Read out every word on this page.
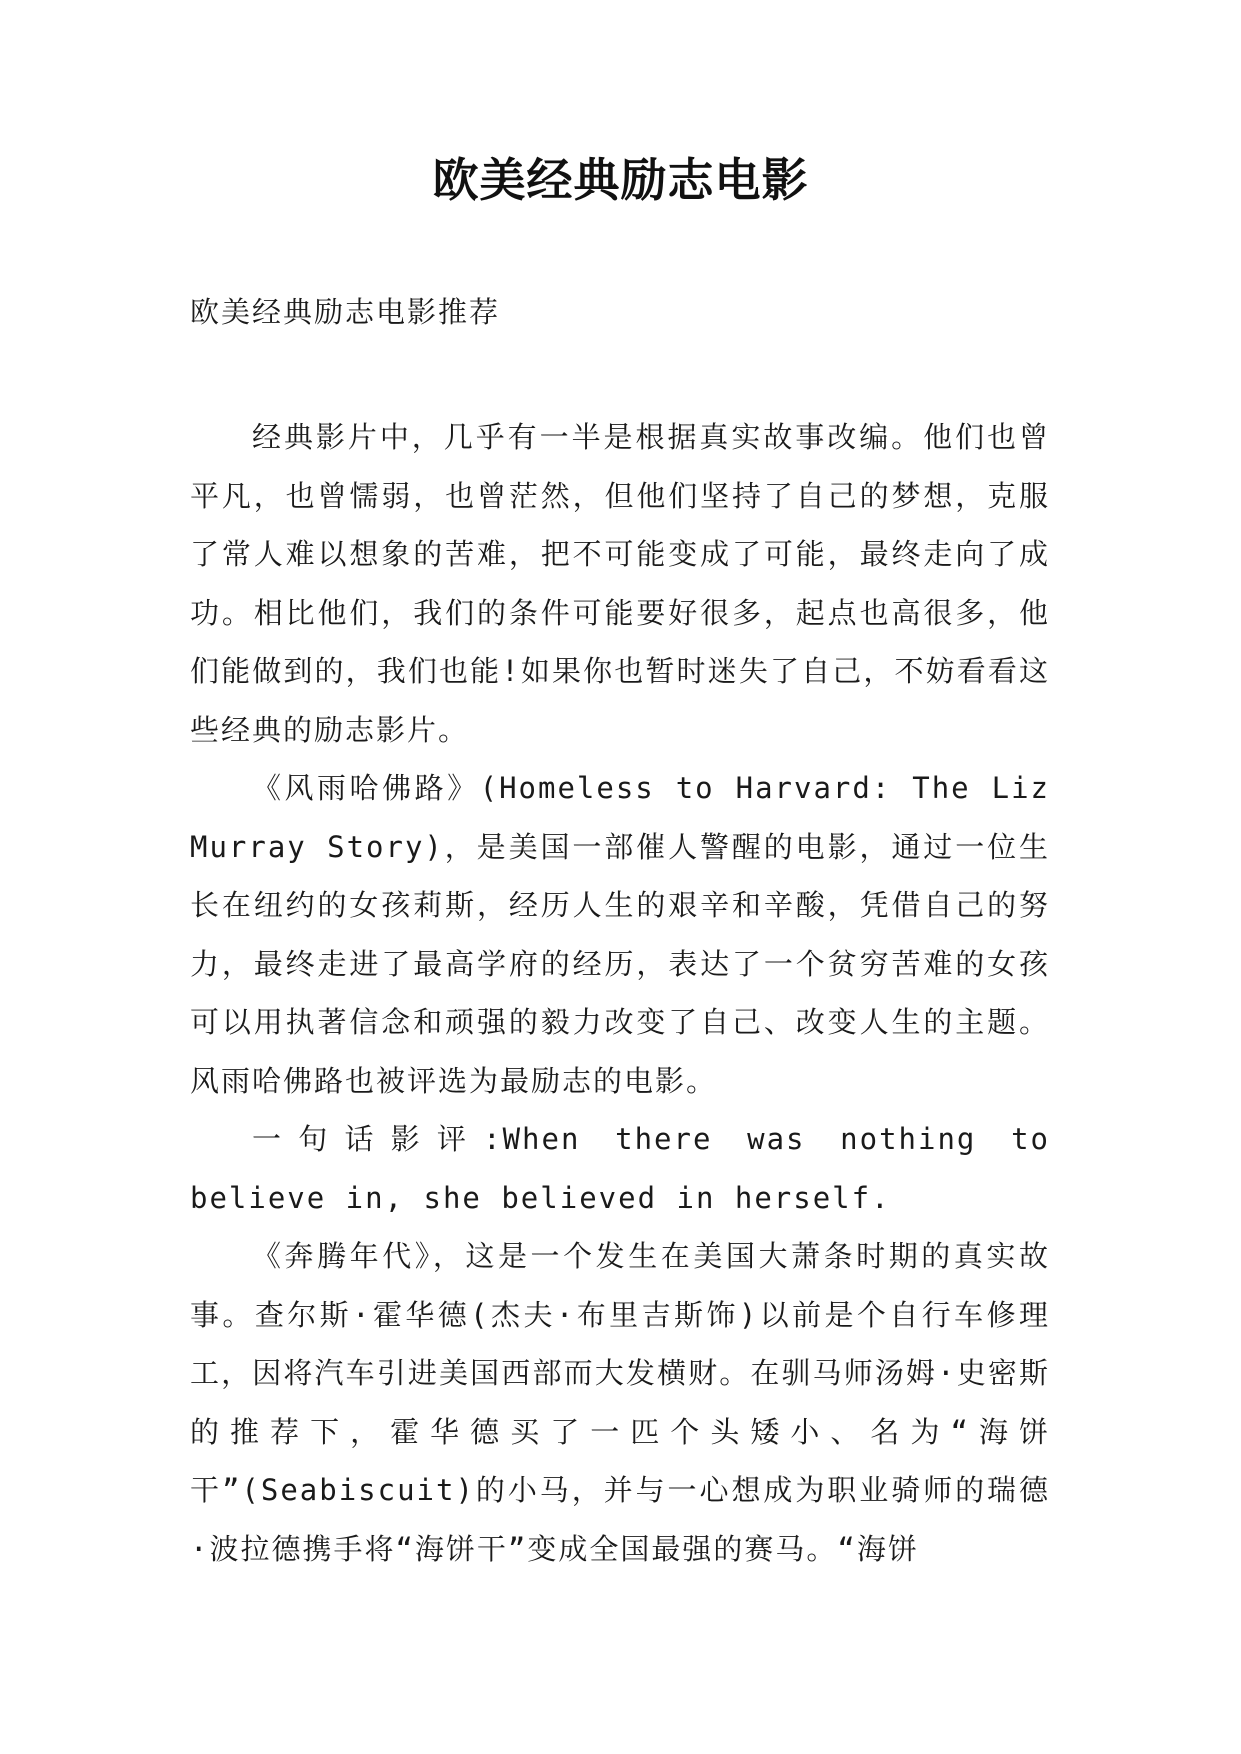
欧美经典励志电影
欧美经典励志电影推荐

经典影片中，几乎有一半是根据真实故事改编。他们也曾平凡，也曾懦弱，也曾茫然，但他们坚持了自己的梦想，克服了常人难以想象的苦难，把不可能变成了可能，最终走向了成功。相比他们，我们的条件可能要好很多，起点也高很多，他们能做到的，我们也能!如果你也暂时迷失了自己，不妨看看这些经典的励志影片。

《风雨哈佛路》(Homeless to Harvard: The Liz Murray Story)，是美国一部催人警醒的电影，通过一位生长在纽约的女孩莉斯，经历人生的艰辛和辛酸，凭借自己的努力，最终走进了最高学府的经历，表达了一个贫穷苦难的女孩可以用执著信念和顽强的毅力改变了自己、改变人生的主题。风雨哈佛路也被评选为最励志的电影。

一句话影评:When there was nothing to believe in, she believed in herself.

《奔腾年代》，这是一个发生在美国大萧条时期的真实故事。查尔斯·霍华德(杰夫·布里吉斯饰)以前是个自行车修理工，因将汽车引进美国西部而大发横财。在驯马师汤姆·史密斯的推荐下，霍华德买了一匹个头矮小、名为“海饼干”(Seabiscuit)的小马，并与一心想成为职业骑师的瑞德·波拉德携手将“海饼干”变成全国最强的赛马。“海饼
